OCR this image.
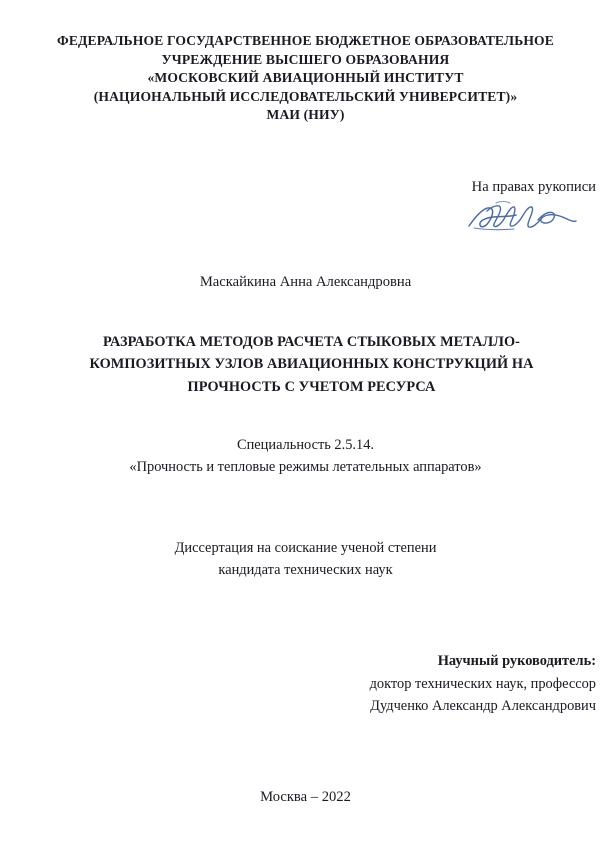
ФЕДЕРАЛЬНОЕ ГОСУДАРСТВЕННОЕ БЮДЖЕТНОЕ ОБРАЗОВАТЕЛЬНОЕ
УЧРЕЖДЕНИЕ ВЫСШЕГО ОБРАЗОВАНИЯ
«МОСКОВСКИЙ АВИАЦИОННЫЙ ИНСТИТУТ
(НАЦИОНАЛЬНЫЙ ИССЛЕДОВАТЕЛЬСКИЙ УНИВЕРСИТЕТ)»
МАИ (НИУ)
На правах рукописи
Маскайкина Анна Александровна
РАЗРАБОТКА МЕТОДОВ РАСЧЕТА СТЫКОВЫХ МЕТАЛЛО-
КОМПОЗИТНЫХ УЗЛОВ АВИАЦИОННЫХ КОНСТРУКЦИЙ НА
ПРОЧНОСТЬ С УЧЕТОМ РЕСУРСА
Специальность 2.5.14.
«Прочность и тепловые режимы летательных аппаратов»
Диссертация на соискание ученой степени
кандидата технических наук
Научный руководитель:
доктор технических наук, профессор
Дудченко Александр Александрович
Москва – 2022
